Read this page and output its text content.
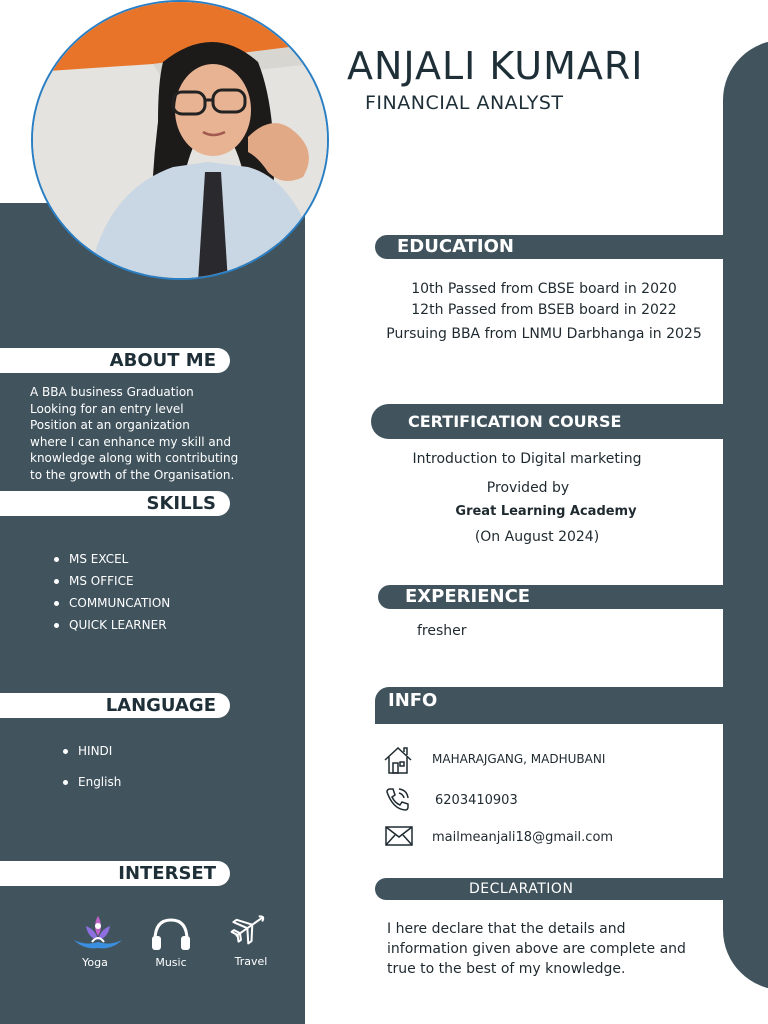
ANJALI KUMARI
FINANCIAL ANALYST
ABOUT ME
A BBA business Graduation
Looking for an entry level
Position at an organization
where I can enhance my skill and
knowledge along with contributing
to the growth of the Organisation.
SKILLS
MS EXCEL
MS OFFICE
COMMUNCATION
QUICK LEARNER
LANGUAGE
HINDI
English
INTERSET
Yoga	Music	Travel
EDUCATION
10th Passed from CBSE board in 2020
12th Passed from BSEB board in 2022
Pursuing BBA from LNMU Darbhanga in 2025
CERTIFICATION COURSE
Introduction to Digital marketing
Provided by
Great Learning Academy
(On August 2024)
EXPERIENCE
fresher
INFO
MAHARAJGANG, MADHUBANI
6203410903
mailmeanjali18@gmail.com
DECLARATION
I here declare that the details and
information given above are complete and
true to the best of my knowledge.
